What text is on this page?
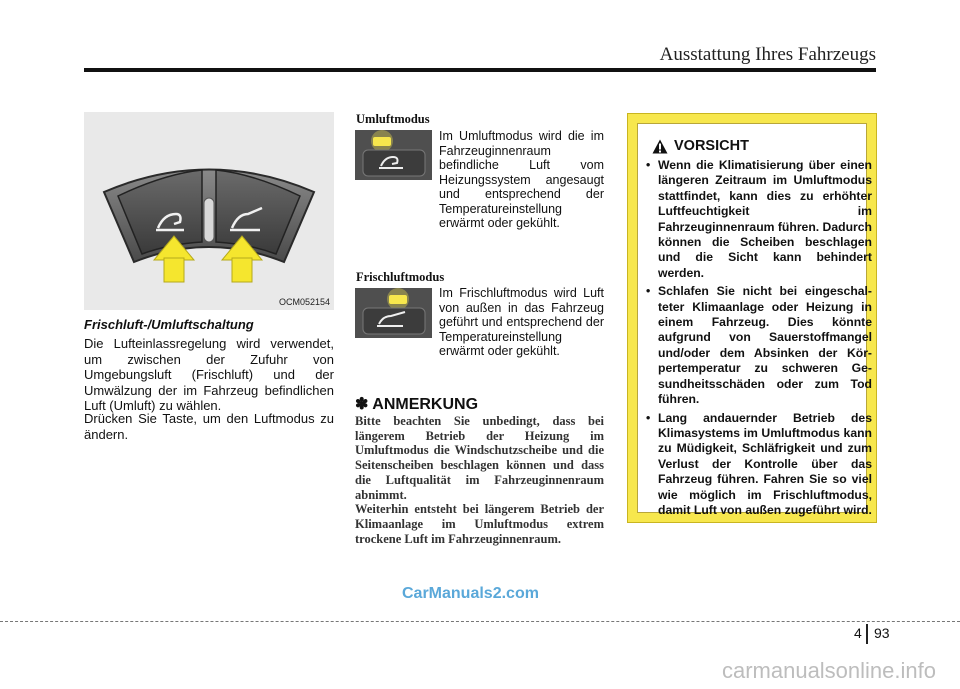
Ausstattung Ihres Fahrzeugs
OCM052154
Frischluft-/Umluftschaltung
Die Lufteinlassregelung wird verwendet, um zwischen der Zufuhr von Umgebungsluft (Frischluft) und der Umwälzung der im Fahrzeug befindlichen Luft (Umluft) zu wählen.
Drücken Sie Taste, um den Luftmodus zu ändern.
Umluftmodus
Im Umluftmodus wird die im Fahrzeuginnenraum befindliche Luft vom Heizungssystem angesaugt und entsprechend der Temperatureinstellung erwärmt oder gekühlt.
Frischluftmodus
Im Frischluftmodus wird Luft von außen in das Fahrzeug geführt und entsprechend der Temperatureinstellung erwärmt oder gekühlt.
✽ ANMERKUNG
Bitte beachten Sie unbedingt, dass bei längerem Betrieb der Heizung im Umluftmodus die Windschutzscheibe und die Seitenscheiben beschlagen können und dass die Luftqualität im Fahrzeuginnenraum abnimmt.
Weiterhin entsteht bei längerem Betrieb der Klimaanlage im Umluftmodus extrem trockene Luft im Fahrzeuginnenraum.
VORSICHT
• Wenn die Klimatisierung über einen längeren Zeitraum im Umluftmodus stattfindet, kann dies zu erhöhter Luftfeuchtigkeit im Fahrzeuginnenraum führen. Dadurch können die Scheiben beschlagen und die Sicht kann behindert werden.
• Schlafen Sie nicht bei eingeschal-teter Klimaanlage oder Heizung in einem Fahrzeug. Dies könnte aufgrund von Sauerstoffmangel und/oder dem Absinken der Kör-pertemperatur zu schweren Ge-sundheitsschäden oder zum Tod führen.
• Lang andauernder Betrieb des Klimasystems im Umluftmodus kann zu Müdigkeit, Schläfrigkeit und zum Verlust der Kontrolle über das Fahrzeug führen. Fahren Sie so viel wie möglich im Frischluftmodus, damit Luft von außen zugeführt wird.
CarManuals2.com
4 93
carmanualsonline.info
